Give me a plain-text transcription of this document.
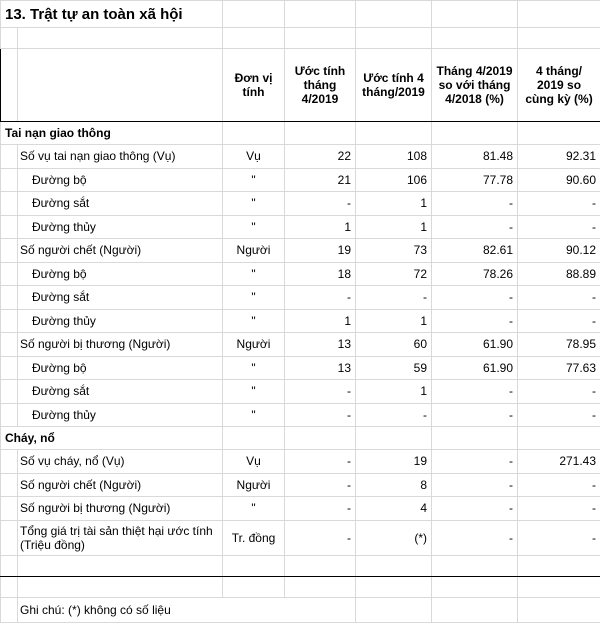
13. Trật tự an toàn xã hội						

		Đơn vị tính	Ước tính tháng 4/2019	Ước tính 4 tháng/2019	Tháng 4/2019 so với tháng 4/2018 (%)	4 tháng/ 2019 so cùng kỳ (%)
Tai nạn giao thông						
	Số vụ tai nạn giao thông (Vụ)	Vụ	22	108	81.48	92.31
	Đường bộ	"	21	106	77.78	90.60
	Đường sắt	"	-	1	-	-
	Đường thủy	"	1	1	-	-
	Số người chết (Người)	Người	19	73	82.61	90.12
	Đường bộ	"	18	72	78.26	88.89
	Đường sắt	"	-	-	-	-
	Đường thủy	"	1	1	-	-
	Số người bị thương (Người)	Người	13	60	61.90	78.95
	Đường bộ	"	13	59	61.90	77.63
	Đường sắt	"	-	1	-	-
	Đường thủy	"	-	-	-	-
Cháy, nổ						
	Số vụ cháy, nổ (Vụ)	Vụ	-	19	-	271.43
	Số người chết (Người)	Người	-	8	-	-
	Số người bị thương (Người)	"	-	4	-	-
	Tổng giá trị tài sản thiệt hại ước tính (Triệu đồng)	Tr. đồng	-	(*)	-	-

	Ghi chú: (*) không có số liệu					
